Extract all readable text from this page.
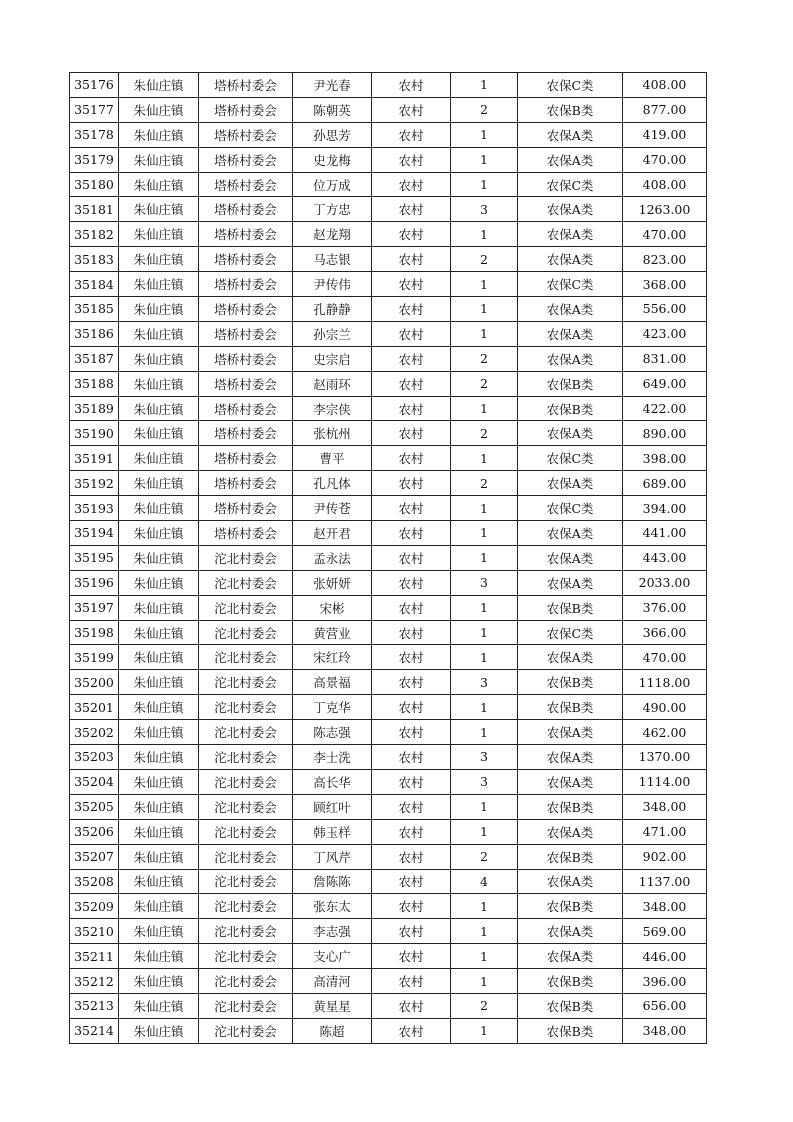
35176	朱仙庄镇	塔桥村委会	尹光春	农村	1	农保C类	408.00
35177	朱仙庄镇	塔桥村委会	陈朝英	农村	2	农保B类	877.00
35178	朱仙庄镇	塔桥村委会	孙思芳	农村	1	农保A类	419.00
35179	朱仙庄镇	塔桥村委会	史龙梅	农村	1	农保A类	470.00
35180	朱仙庄镇	塔桥村委会	位万成	农村	1	农保C类	408.00
35181	朱仙庄镇	塔桥村委会	丁方忠	农村	3	农保A类	1263.00
35182	朱仙庄镇	塔桥村委会	赵龙翔	农村	1	农保A类	470.00
35183	朱仙庄镇	塔桥村委会	马志银	农村	2	农保A类	823.00
35184	朱仙庄镇	塔桥村委会	尹传伟	农村	1	农保C类	368.00
35185	朱仙庄镇	塔桥村委会	孔静静	农村	1	农保A类	556.00
35186	朱仙庄镇	塔桥村委会	孙宗兰	农村	1	农保A类	423.00
35187	朱仙庄镇	塔桥村委会	史宗启	农村	2	农保A类	831.00
35188	朱仙庄镇	塔桥村委会	赵雨环	农村	2	农保B类	649.00
35189	朱仙庄镇	塔桥村委会	李宗侠	农村	1	农保B类	422.00
35190	朱仙庄镇	塔桥村委会	张杭州	农村	2	农保A类	890.00
35191	朱仙庄镇	塔桥村委会	曹平	农村	1	农保C类	398.00
35192	朱仙庄镇	塔桥村委会	孔凡体	农村	2	农保A类	689.00
35193	朱仙庄镇	塔桥村委会	尹传苍	农村	1	农保C类	394.00
35194	朱仙庄镇	塔桥村委会	赵开君	农村	1	农保A类	441.00
35195	朱仙庄镇	沱北村委会	孟永法	农村	1	农保A类	443.00
35196	朱仙庄镇	沱北村委会	张妍妍	农村	3	农保A类	2033.00
35197	朱仙庄镇	沱北村委会	宋彬	农村	1	农保B类	376.00
35198	朱仙庄镇	沱北村委会	黄营业	农村	1	农保C类	366.00
35199	朱仙庄镇	沱北村委会	宋红玲	农村	1	农保A类	470.00
35200	朱仙庄镇	沱北村委会	高景福	农村	3	农保B类	1118.00
35201	朱仙庄镇	沱北村委会	丁克华	农村	1	农保B类	490.00
35202	朱仙庄镇	沱北村委会	陈志强	农村	1	农保A类	462.00
35203	朱仙庄镇	沱北村委会	李士洗	农村	3	农保A类	1370.00
35204	朱仙庄镇	沱北村委会	高长华	农村	3	农保A类	1114.00
35205	朱仙庄镇	沱北村委会	顾红叶	农村	1	农保B类	348.00
35206	朱仙庄镇	沱北村委会	韩玉样	农村	1	农保A类	471.00
35207	朱仙庄镇	沱北村委会	丁风芹	农村	2	农保B类	902.00
35208	朱仙庄镇	沱北村委会	詹陈陈	农村	4	农保A类	1137.00
35209	朱仙庄镇	沱北村委会	张东太	农村	1	农保B类	348.00
35210	朱仙庄镇	沱北村委会	李志强	农村	1	农保A类	569.00
35211	朱仙庄镇	沱北村委会	支心广	农村	1	农保A类	446.00
35212	朱仙庄镇	沱北村委会	高清河	农村	1	农保B类	396.00
35213	朱仙庄镇	沱北村委会	黄星星	农村	2	农保B类	656.00
35214	朱仙庄镇	沱北村委会	陈超	农村	1	农保B类	348.00
